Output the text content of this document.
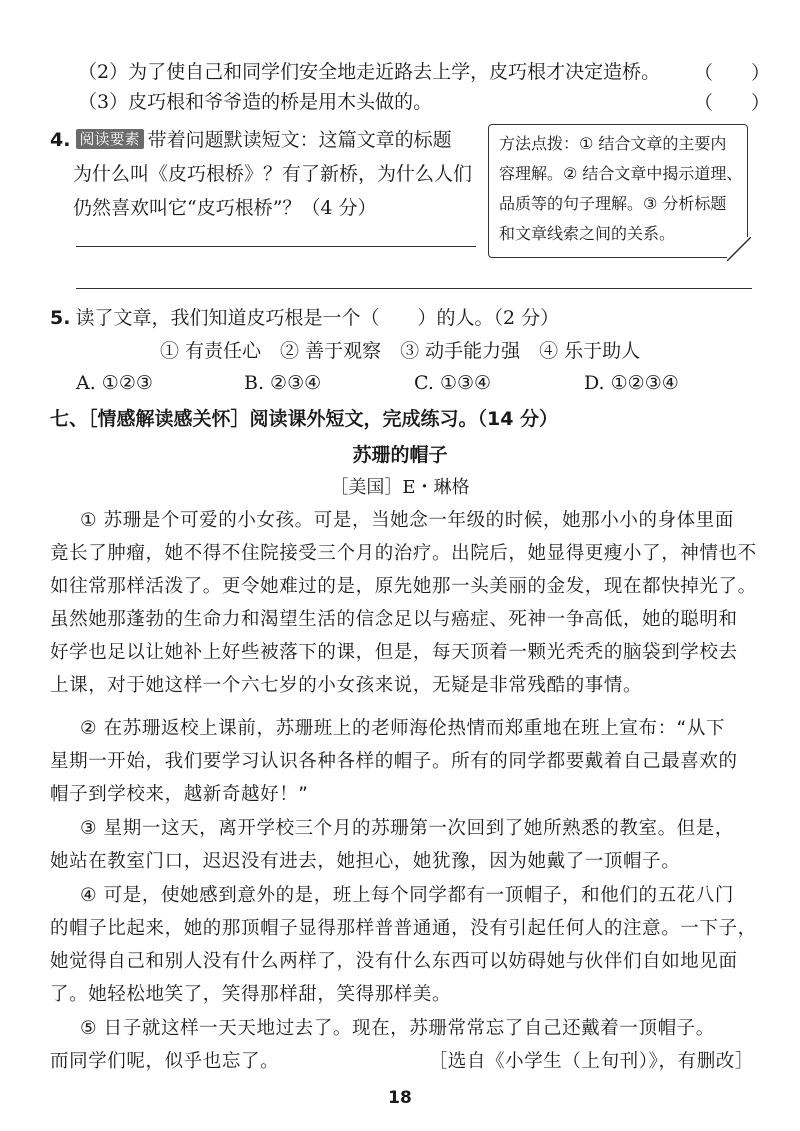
（2）为了使自己和同学们安全地走近路去上学，皮巧根才决定造桥。 （　　）
（3）皮巧根和爷爷造的桥是用木头做的。	（　　）
4. 阅读要素 带着问题默读短文：这篇文章的标题
为什么叫《皮巧根桥》？有了新桥，为什么人们
仍然喜欢叫它“皮巧根桥”？（4 分）
方法点拨：① 结合文章的主要内
容理解。② 结合文章中揭示道理、
品质等的句子理解。③ 分析标题
和文章线索之间的关系。
5. 读了文章，我们知道皮巧根是一个（　　）的人。（2 分）
① 有责任心　② 善于观察　③ 动手能力强　④ 乐于助人
A. ①②③	B. ②③④	C. ①③④	D. ①②③④
七、［情感解读感关怀］阅读课外短文，完成练习。（14 分）
苏珊的帽子
［美国］E・琳格
① 苏珊是个可爱的小女孩。可是，当她念一年级的时候，她那小小的身体里面
竟长了肿瘤，她不得不住院接受三个月的治疗。出院后，她显得更瘦小了，神情也不
如往常那样活泼了。更令她难过的是，原先她那一头美丽的金发，现在都快掉光了。
虽然她那蓬勃的生命力和渴望生活的信念足以与癌症、死神一争高低，她的聪明和
好学也足以让她补上好些被落下的课，但是，每天顶着一颗光秃秃的脑袋到学校去
上课，对于她这样一个六七岁的小女孩来说，无疑是非常残酷的事情。
② 在苏珊返校上课前，苏珊班上的老师海伦热情而郑重地在班上宣布：“从下
星期一开始，我们要学习认识各种各样的帽子。所有的同学都要戴着自己最喜欢的
帽子到学校来，越新奇越好！”
③ 星期一这天，离开学校三个月的苏珊第一次回到了她所熟悉的教室。但是，
她站在教室门口，迟迟没有进去，她担心，她犹豫，因为她戴了一顶帽子。
④ 可是，使她感到意外的是，班上每个同学都有一顶帽子，和他们的五花八门
的帽子比起来，她的那顶帽子显得那样普普通通，没有引起任何人的注意。一下子，
她觉得自己和别人没有什么两样了，没有什么东西可以妨碍她与伙伴们自如地见面
了。她轻松地笑了，笑得那样甜，笑得那样美。
⑤ 日子就这样一天天地过去了。现在，苏珊常常忘了自己还戴着一顶帽子。
而同学们呢，似乎也忘了。	［选自《小学生（上旬刊）》，有删改］
18
